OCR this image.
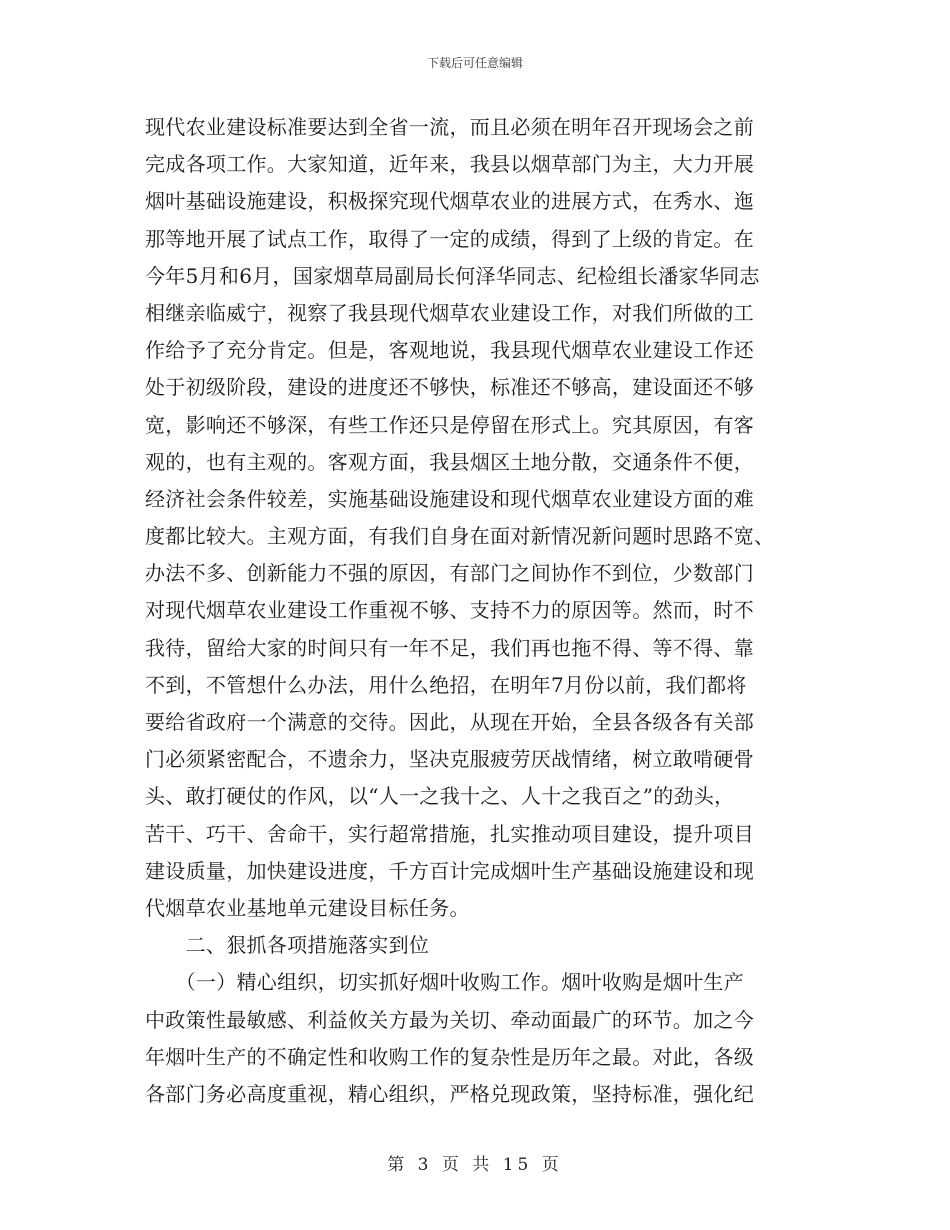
下载后可任意编辑
现代农业建设标准要达到全省一流，而且必须在明年召开现场会之前
完成各项工作。大家知道，近年来，我县以烟草部门为主，大力开展
烟叶基础设施建设，积极探究现代烟草农业的进展方式，在秀水、迤
那等地开展了试点工作，取得了一定的成绩，得到了上级的肯定。在
今年5月和6月，国家烟草局副局长何泽华同志、纪检组长潘家华同志
相继亲临威宁，视察了我县现代烟草农业建设工作，对我们所做的工
作给予了充分肯定。但是，客观地说，我县现代烟草农业建设工作还
处于初级阶段，建设的进度还不够快，标准还不够高，建设面还不够
宽，影响还不够深，有些工作还只是停留在形式上。究其原因，有客
观的，也有主观的。客观方面，我县烟区土地分散，交通条件不便，
经济社会条件较差，实施基础设施建设和现代烟草农业建设方面的难
度都比较大。主观方面，有我们自身在面对新情况新问题时思路不宽、
办法不多、创新能力不强的原因，有部门之间协作不到位，少数部门
对现代烟草农业建设工作重视不够、支持不力的原因等。然而，时不
我待，留给大家的时间只有一年不足，我们再也拖不得、等不得、靠
不到，不管想什么办法，用什么绝招，在明年7月份以前，我们都将
要给省政府一个满意的交待。因此，从现在开始，全县各级各有关部
门必须紧密配合，不遗余力，坚决克服疲劳厌战情绪，树立敢啃硬骨
头、敢打硬仗的作风，以“人一之我十之、人十之我百之”的劲头，
苦干、巧干、舍命干，实行超常措施，扎实推动项目建设，提升项目
建设质量，加快建设进度，千方百计完成烟叶生产基础设施建设和现
代烟草农业基地单元建设目标任务。
　　二、狠抓各项措施落实到位
　　（一）精心组织，切实抓好烟叶收购工作。烟叶收购是烟叶生产
中政策性最敏感、利益攸关方最为关切、牵动面最广的环节。加之今
年烟叶生产的不确定性和收购工作的复杂性是历年之最。对此，各级
各部门务必高度重视，精心组织，严格兑现政策，坚持标准，强化纪
第 3 页 共 15 页
